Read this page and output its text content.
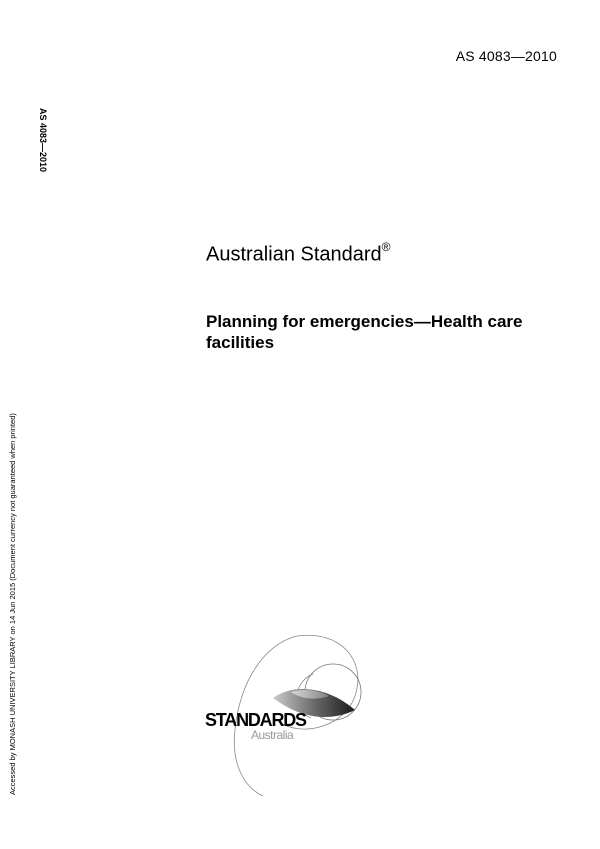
AS 4083—2010
AS 4083—2010
Accessed by MONASH UNIVERSITY LIBRARY on 14 Jun 2015 (Document currency not guaranteed when printed)
Australian Standard®
Planning for emergencies—Health care facilities
STANDARDS
Australia
